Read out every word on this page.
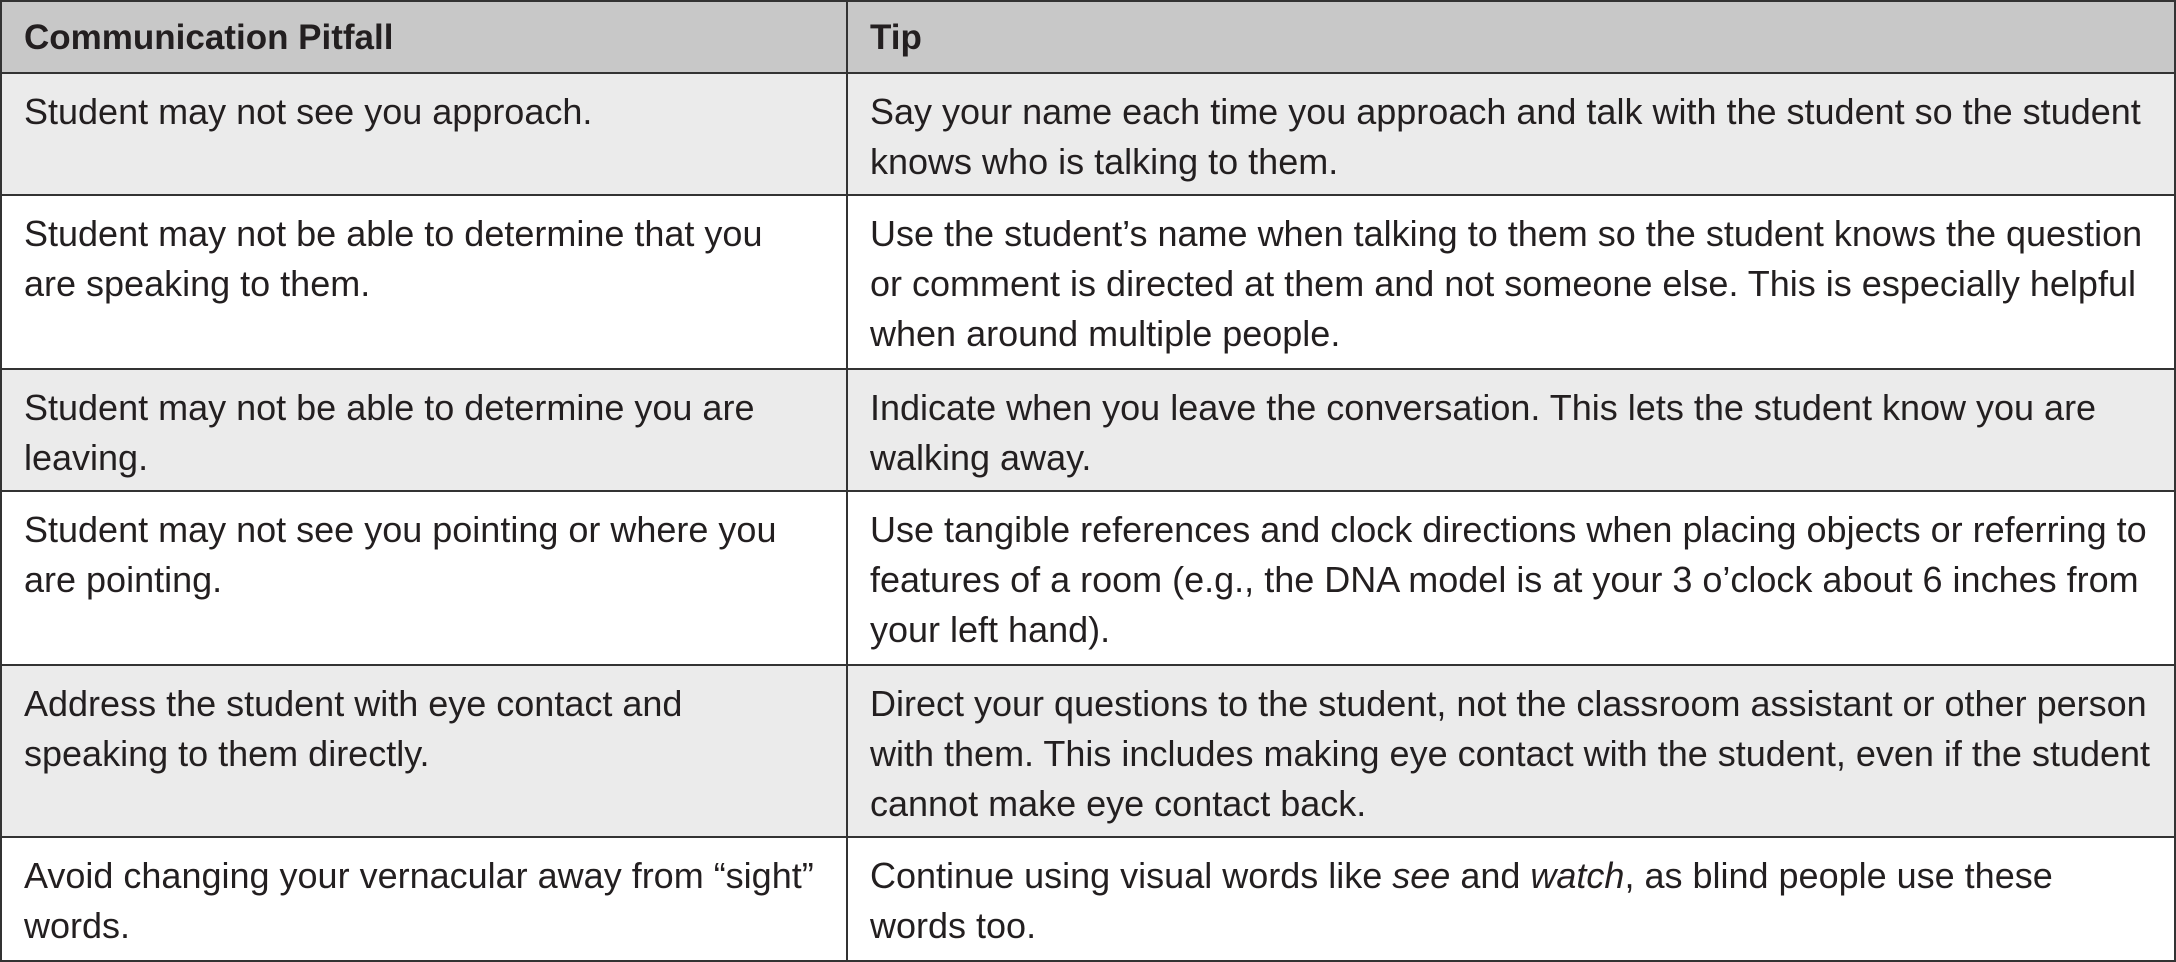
Communication Pitfall	Tip
Student may not see you approach.	Say your name each time you approach and talk with the student so the student knows who is talking to them.
Student may not be able to determine that you are speaking to them.
Use the student’s name when talking to them so the student knows the question or comment is directed at them and not someone else. This is especially helpful when around multiple people.
Student may not be able to determine you are leaving.
Indicate when you leave the conversation. This lets the student know you are walking away.
Student may not see you pointing or where you are pointing.
Use tangible references and clock directions when placing objects or referring to features of a room (e.g., the DNA model is at your 3 o’clock about 6 inches from your left hand).
Address the student with eye contact and speaking to them directly.
Direct your questions to the student, not the classroom assistant or other person with them. This includes making eye contact with the student, even if the student cannot make eye contact back.
Avoid changing your vernacular away from “sight” words.
Continue using visual words like see and watch, as blind people use these words too.
